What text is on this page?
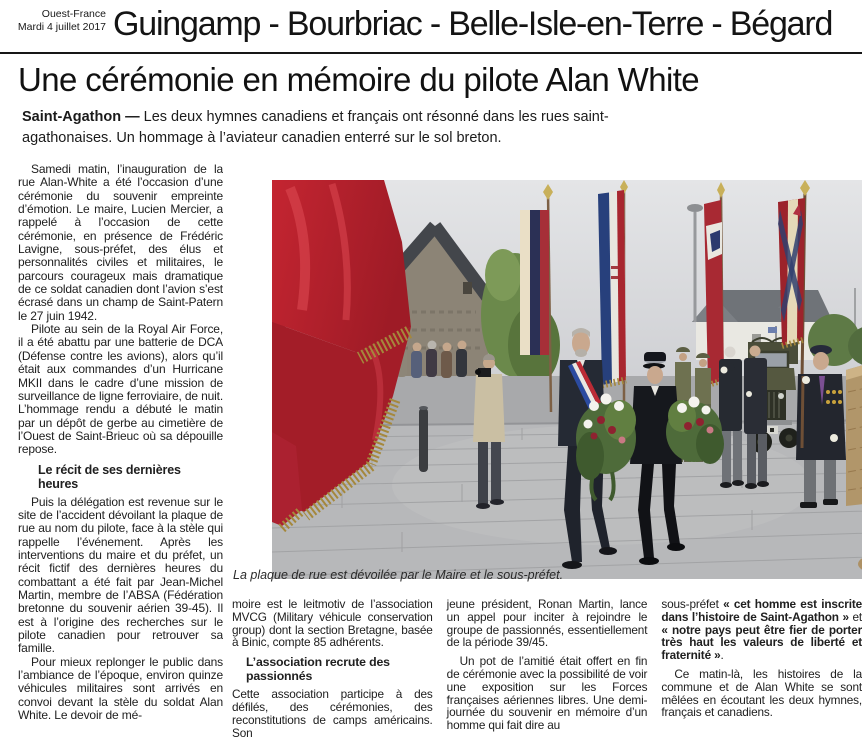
Ouest-France
Mardi 4 juillet 2017 Guingamp - Bourbriac - Belle-Isle-en-Terre - Bégard
Une cérémonie en mémoire du pilote Alan White

Saint-Agathon — Les deux hymnes canadiens et français ont résonné dans les rues saint-agathonaises. Un hommage à l’aviateur canadien enterré sur le sol breton.

Samedi matin, l’inauguration de la rue Alan-White a été l’occasion d’une cérémonie du souvenir empreinte d’émotion. Le maire, Lucien Mercier, a rappelé à l’occasion de cette cérémonie, en présence de Frédéric Lavigne, sous-préfet, des élus et personnalités civiles et militaires, le parcours courageux mais dramatique de ce soldat canadien dont l’avion s’est écrasé dans un champ de Saint-Patern le 27 juin 1942.

Pilote au sein de la Royal Air Force, il a été abattu par une batterie de DCA (Défense contre les avions), alors qu’il était aux commandes d’un Hurricane MKII dans le cadre d’une mission de surveillance de ligne ferroviaire, de nuit. L’hommage rendu a débuté le matin par un dépôt de gerbe au cimetière de l’Ouest de Saint-Brieuc où sa dépouille repose.

Le récit de ses dernières heures

Puis la délégation est revenue sur le site de l’accident dévoilant la plaque de rue au nom du pilote, face à la stèle qui rappelle l’événement. Après les interventions du maire et du préfet, un récit fictif des dernières heures du combattant a été fait par Jean-Michel Martin, membre de l’ABSA (Fédération bretonne du souvenir aérien 39-45). Il est à l’origine des recherches sur le pilote canadien pour retrouver sa famille.

Pour mieux replonger le public dans l’ambiance de l’époque, environ quinze véhicules militaires sont arrivés en convoi devant la stèle du soldat Alan White. Le devoir de mé-

La plaque de rue est dévoilée par le Maire et le sous-préfet.

moire est le leitmotiv de l’association MVCG (Military véhicule conservation group) dont la section Bretagne, basée à Binic, compte 85 adhérents.

L’association recrute des passionnés

Cette association participe à des défilés, des cérémonies, des reconstitutions de camps américains. Son

jeune président, Ronan Martin, lance un appel pour inciter à rejoindre le groupe de passionnés, essentiellement de la période 39/45.

Un pot de l’amitié était offert en fin de cérémonie avec la possibilité de voir une exposition sur les Forces françaises aériennes libres. Une demi-journée du souvenir en mémoire d’un homme qui fait dire au

sous-préfet « cet homme est inscrite dans l’histoire de Saint-Agathon » et « notre pays peut être fier de porter très haut les valeurs de liberté et fraternité ».

Ce matin-là, les histoires de la commune et de Alan White se sont mêlées en écoutant les deux hymnes, français et canadiens.
